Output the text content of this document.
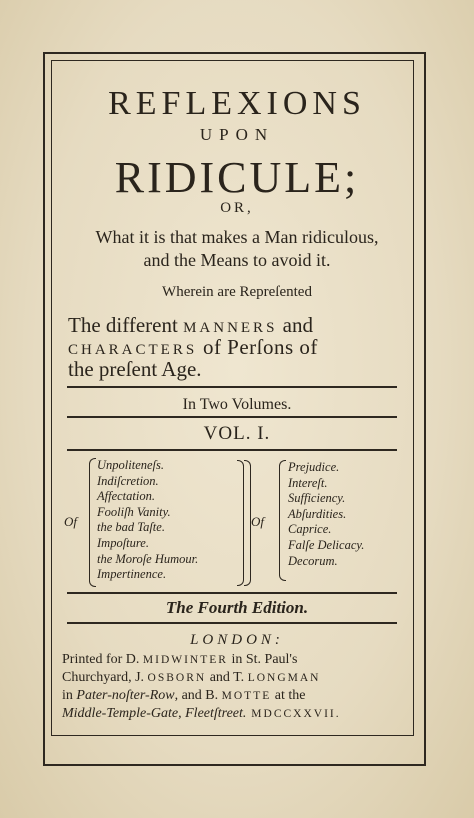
REFLEXIONS
UPON
RIDICULE;
OR,
What it is that makes a Man ridiculous,
and the Means to avoid it.
Wherein are Repreſented
The different MANNERS and
CHARACTERS of Perſons of
the preſent Age.
In Two Volumes.
VOL. I.
Of
Unpoliteneſs.
Indiſcretion.
Affectation.
Fooliſh Vanity.
the bad Taſte.
Impoſture.
the Moroſe Humour.
Impertinence.
Of
Prejudice.
Intereſt.
Sufficiency.
Abſurdities.
Caprice.
Falſe Delicacy.
Decorum.
The Fourth Edition.
LONDON:
Printed for D. MIDWINTER in St. Paul's
Churchyard, J. OSBORN and T. LONGMAN
in Pater-noſter-Row, and B. MOTTE at the
Middle-Temple-Gate, Fleetſtreet. MDCCXXVII.
